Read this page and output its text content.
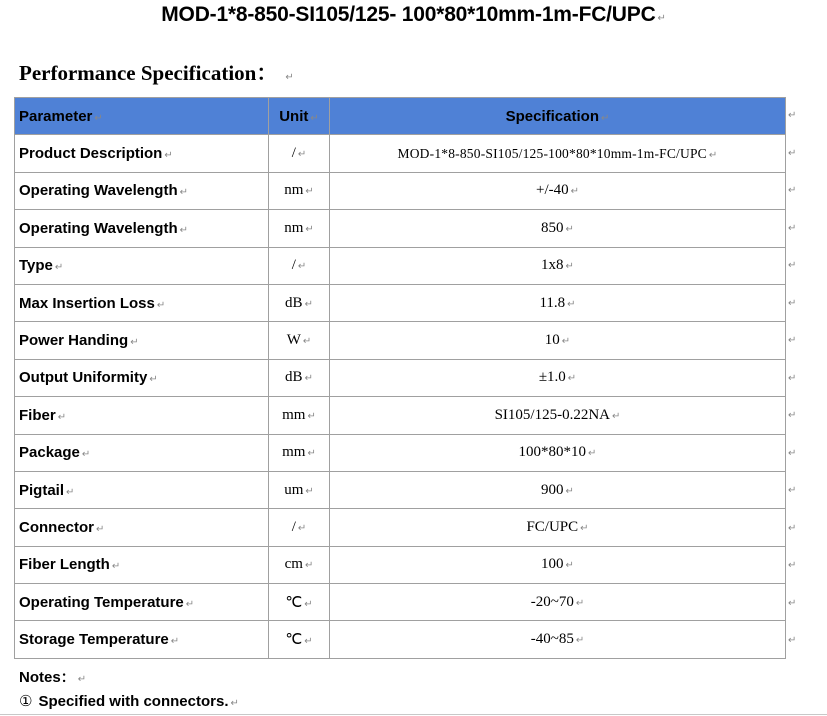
MOD-1*8-850-SI105/125- 100*80*10mm-1m-FC/UPC ↵
Performance Specification： ↵
Parameter ↵	Unit ↵	Specification ↵
Product Description ↵	/ ↵	MOD-1*8-850-SI105/125-100*80*10mm-1m-FC/UPC ↵
Operating Wavelength ↵	nm ↵	+/-40 ↵
Operating Wavelength ↵	nm ↵	850 ↵
Type ↵	/ ↵	1x8 ↵
Max Insertion Loss ↵	dB ↵	11.8 ↵
Power Handing ↵	W ↵	10 ↵
Output Uniformity ↵	dB ↵	±1.0 ↵
Fiber ↵	mm ↵	SI105/125-0.22NA ↵
Package ↵	mm ↵	100*80*10 ↵
Pigtail ↵	um ↵	900 ↵
Connector ↵	/ ↵	FC/UPC ↵
Fiber Length ↵	cm ↵	100 ↵
Operating Temperature ↵	℃ ↵	-20~70 ↵
Storage Temperature ↵	℃ ↵	-40~85 ↵
↵
↵
↵
↵
↵
↵
↵
↵
↵
↵
↵
↵
↵
↵
↵
Notes： ↵
① Specified with connectors. ↵
